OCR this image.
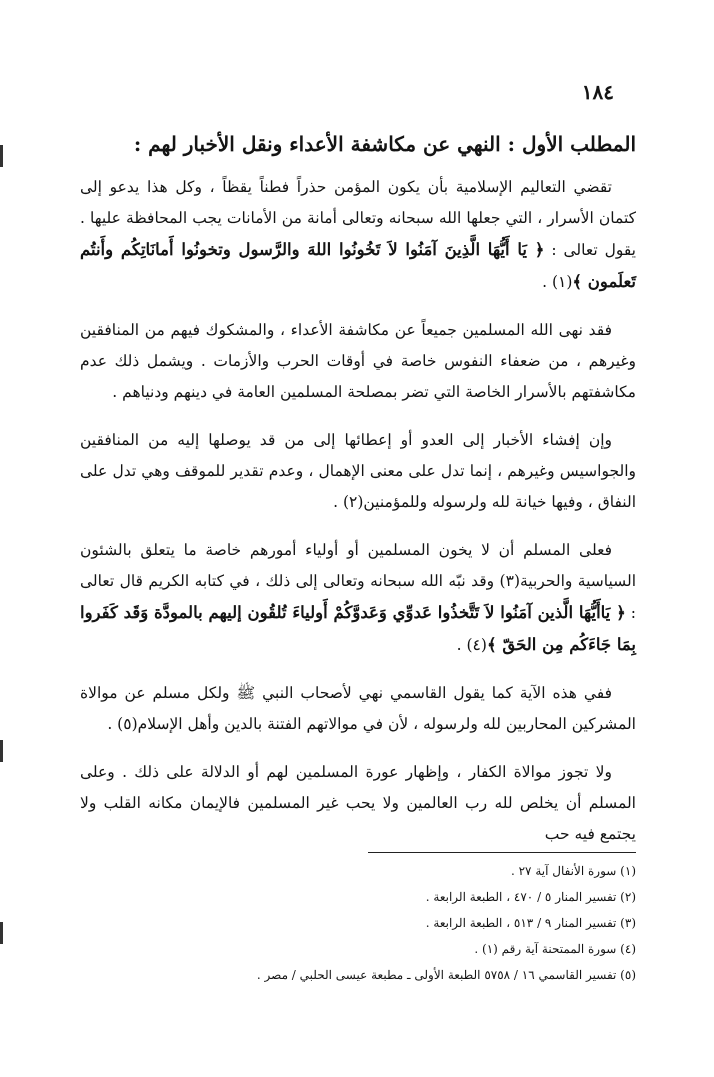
١٨٤
المطلب الأول : النهي عن مكاشفة الأعداء ونقل الأخبار لهم :
تقضي التعاليم الإسلامية بأن يكون المؤمن حذراً فطناً يقظاً ، وكل هذا يدعو إلى كتمان الأسرار ، التي جعلها الله سبحانه وتعالى أمانة من الأمانات يجب المحافظة عليها . يقول تعالى : ﴿ يَا أَيُّهَا الَّذِينَ آمَنُوا لاَ تَخُونُوا اللهَ والرَّسول وتخونُوا أَمانَاتِكُم وأَنتُم تَعلَمون ﴾(١) .
فقد نهى الله المسلمين جميعاً عن مكاشفة الأعداء ، والمشكوك فيهم من المنافقين وغيرهم ، من ضعفاء النفوس خاصة في أوقات الحرب والأزمات . ويشمل ذلك عدم مكاشفتهم بالأسرار الخاصة التي تضر بمصلحة المسلمين العامة في دينهم ودنياهم .
وإن إفشاء الأخبار إلى العدو أو إعطائها إلى من قد يوصلها إليه من المنافقين والجواسيس وغيرهم ، إنما تدل على معنى الإهمال ، وعدم تقدير للموقف وهي تدل على النفاق ، وفيها خيانة لله ولرسوله وللمؤمنين(٢) .
فعلى المسلم أن لا يخون المسلمين أو أولياء أمورهم خاصة ما يتعلق بالشئون السياسية والحربية(٣) وقد نبّه الله سبحانه وتعالى إلى ذلك ، في كتابه الكريم قال تعالى : ﴿ يَاأَيُّهَا الَّذين آمَنُوا لاَ تَتَّخذُوا عَدوِّي وَعَدوَّكُمْ أَولياءَ تُلقُون إليهم بالمودَّة وَقَد كَفَروا بِمَا جَاءَكُم مِن الحَقّ ﴾(٤) .
ففي هذه الآية كما يقول القاسمي نهي لأصحاب النبي ﷺ ولكل مسلم عن موالاة المشركين المحاربين لله ولرسوله ، لأن في موالاتهم الفتنة بالدين وأهل الإسلام(٥) .
ولا تجوز موالاة الكفار ، وإظهار عورة المسلمين لهم أو الدلالة على ذلك . وعلى المسلم أن يخلص لله رب العالمين ولا يحب غير المسلمين فالإيمان مكانه القلب ولا يجتمع فيه حب
(١) سورة الأنفال آية ٢٧ .
(٢) تفسير المنار ٥ / ٤٧٠ ، الطبعة الرابعة .
(٣) تفسير المنار ٩ / ٥١٣ ، الطبعة الرابعة .
(٤) سورة الممتحنة آية رقم (١) .
(٥) تفسير القاسمي ١٦ / ٥٧٥٨ الطبعة الأولى ـ مطبعة عيسى الحلبي / مصر .
